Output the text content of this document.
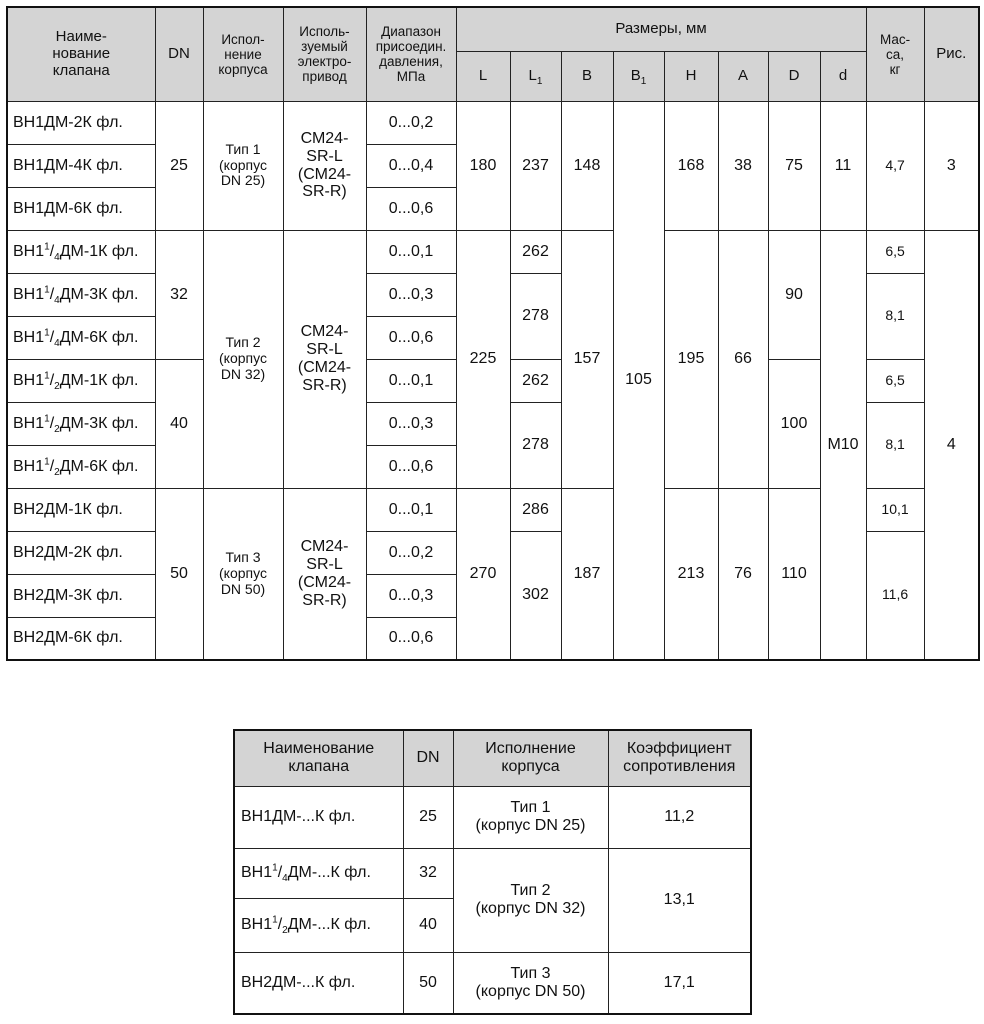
Наиме-
нование
клапана	DN	Испол-
нение
корпуса	Исполь-
зуемый
электро-
привод	Диапазон
присоедин.
давления,
МПа	Размеры, мм								Мас-
са,
кг	Рис.
					L	$L_1$	B	$B_1$	H	A	D	d		
ВН1ДМ-2К фл.	25	Тип 1
(корпус
DN 25)	СМ24-
SR-L
(СМ24-
SR-R)	0...0,2	180	237	148	105	168	38	75	11	4,7	3
ВН1ДМ-4К фл.				0...0,4										
ВН1ДМ-6К фл.				0...0,6										
$ВН1^1/_4ДМ-1К$ фл.	32	Тип 2
(корпус
DN 32)	СМ24-
SR-L
(СМ24-
SR-R)	0...0,1	225	262	157		195	66	90	M10	6,5	4
$ВН1^1/_4ДМ-3К$ фл.				0...0,3		278							8,1	
$ВН1^1/_4ДМ-6К$ фл.				0...0,6										
$ВН1^1/_2ДМ-1К$ фл.	40			0...0,1		262					100		6,5	
$ВН1^1/_2ДМ-3К$ фл.				0...0,3		278							8,1	
$ВН1^1/_2ДМ-6К$ фл.				0...0,6										
ВН2ДМ-1К фл.	50	Тип 3
(корпус
DN 50)	СМ24-
SR-L
(СМ24-
SR-R)	0...0,1	270	286	187		213	76	110		10,1	
ВН2ДМ-2К фл.				0...0,2		302							11,6	
ВН2ДМ-3К фл.				0...0,3										
ВН2ДМ-6К фл.				0...0,6										
Наименование
клапана	DN	Исполнение
корпуса	Коэффициент
сопротивления
ВН1ДМ-...К фл.	25	Тип 1
(корпус DN 25)	11,2
$ВН1^1/_4ДМ-...К$ фл.	32	Тип 2
(корпус DN 32)	13,1
$ВН1^1/_2ДМ-...К$ фл.	40		
ВН2ДМ-...К фл.	50	Тип 3
(корпус DN 50)	17,1
